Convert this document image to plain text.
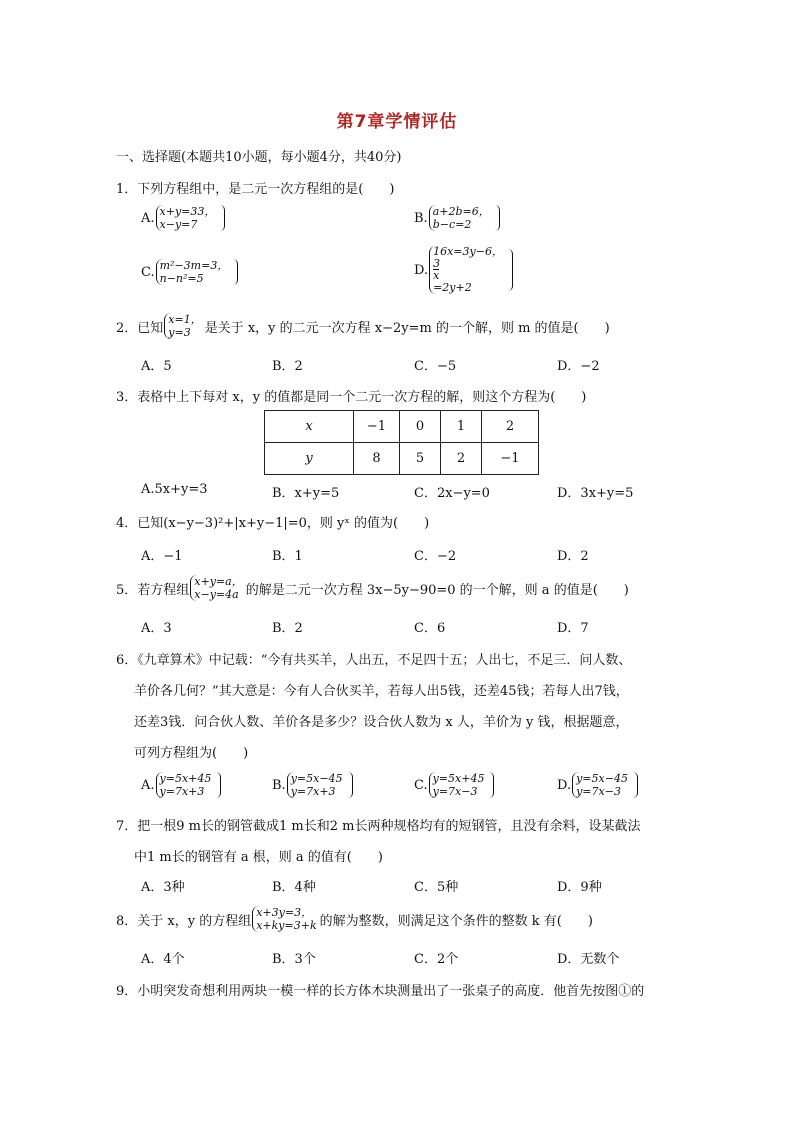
第7章学情评估
一、选择题(本题共10小题，每小题4分，共40分)
1．下列方程组中，是二元一次方程组的是(　　)
A. x+y=33，
x−y=7	B. a+2b=6，
b−c=2
C. m²−3m=3，
n−n²=5
D.
16x=3y−6，
3
x
=2y+2
2．已知
x=1，
y=3	是关于 x，y 的二元一次方程 x−2y=m 的一个解，则 m 的值是(　　)
A．5	B．2	C．−5	D．−2
3．表格中上下每对 x，y 的值都是同一个二元一次方程的解，则这个方程为(　　)
x	−1	0	1	2
y	8	5	2	−1
A.5x+y=3	B．x+y=5	C．2x−y=0	D．3x+y=5
4．已知(x−y−3)²+|x+y−1|=0，则 yˣ 的值为(　　)
A．−1	B．1	C．−2	D．2
5．若方程组
x+y=a，
x−y=4a 的解是二元一次方程 3x−5y−90=0 的一个解，则 a 的值是(　　)
A．3	B．2	C．6	D．7
6．《九章算术》中记载：“今有共买羊，人出五，不足四十五；人出七，不足三．问人数、
羊价各几何？”其大意是：今有人合伙买羊，若每人出5钱，还差45钱；若每人出7钱，
还差3钱．问合伙人数、羊价各是多少？设合伙人数为 x 人，羊价为 y 钱，根据题意，
可列方程组为(　　)
A. y=5x+45
y=7x+3	B. y=5x−45
y=7x+3	C. y=5x+45
y=7x−3	D. y=5x−45
y=7x−3
7．把一根9 m长的钢管截成1 m长和2 m长两种规格均有的短钢管，且没有余料，设某截法
中1 m长的钢管有 a 根，则 a 的值有(　　)
A．3种	B．4种	C．5种	D．9种
8．关于 x，y 的方程组
x+3y=3，
x+ky=3+k 的解为整数，则满足这个条件的整数 k 有(　　)
A．4个	B．3个	C．2个	D．无数个
9．小明突发奇想利用两块一模一样的长方体木块测量出了一张桌子的高度．他首先按图①的
